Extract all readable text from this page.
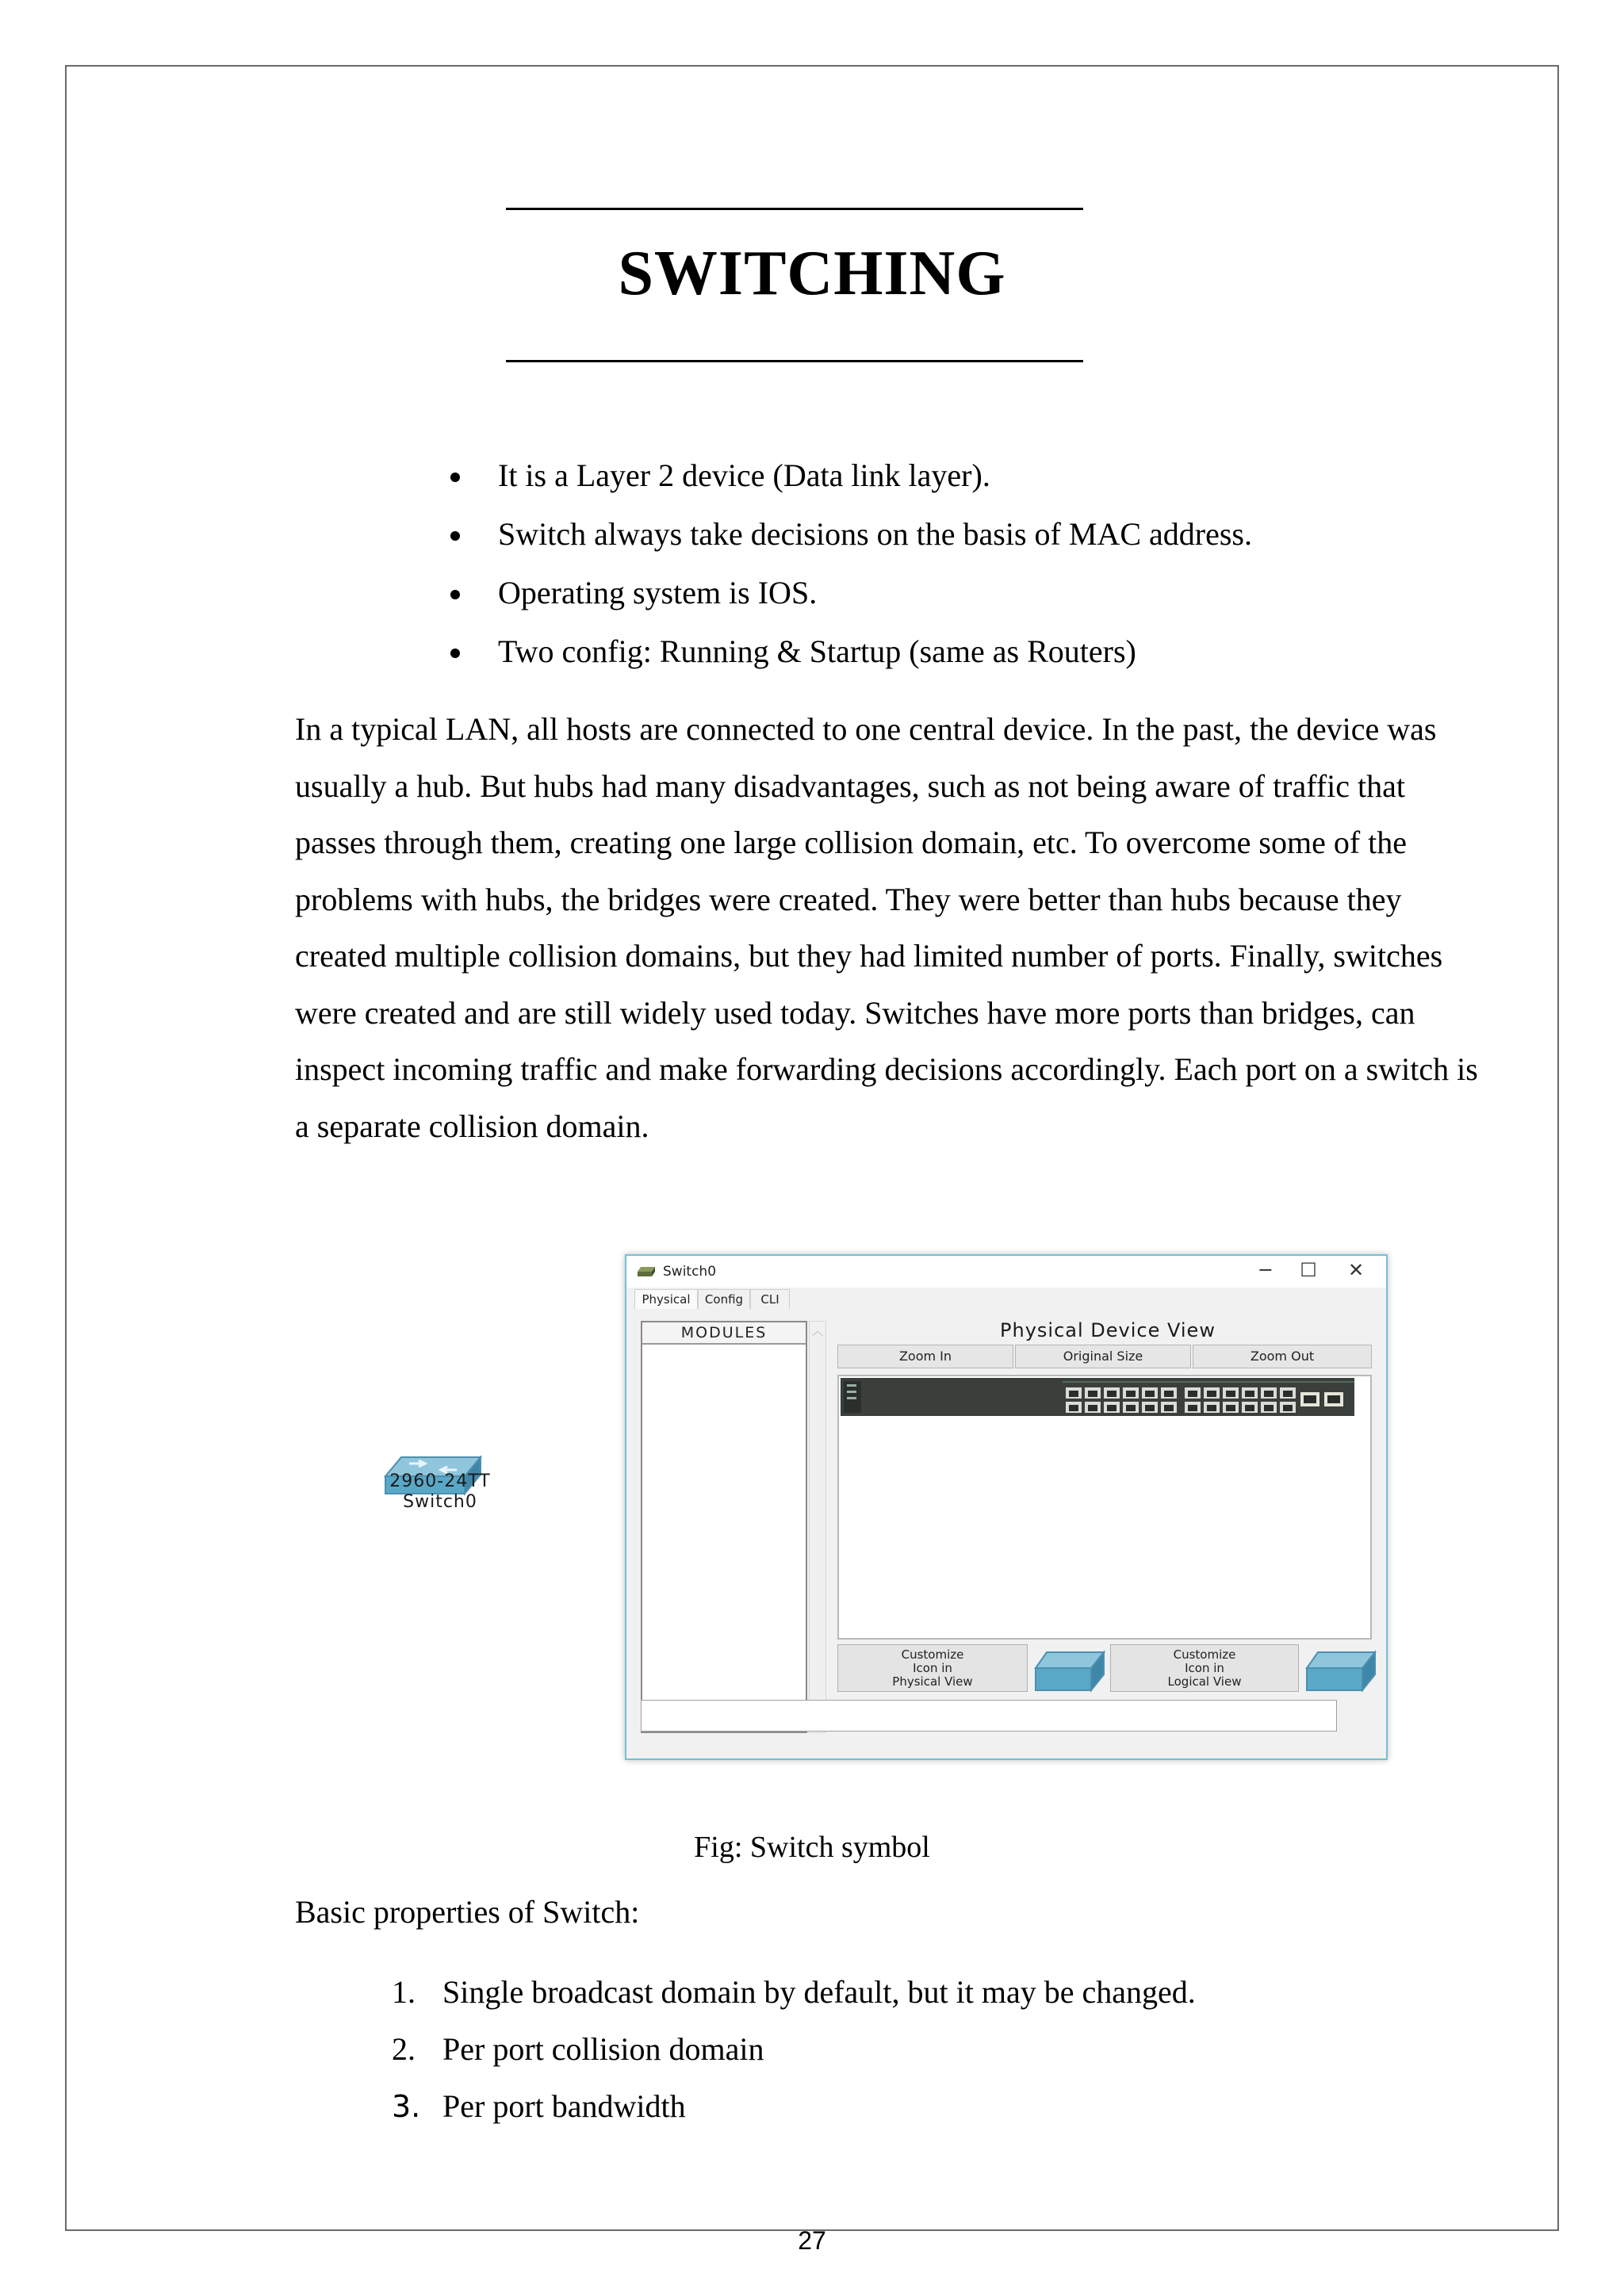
SWITCHING
It is a Layer 2 device (Data link layer).
Switch always take decisions on the basis of MAC address.
Operating system is IOS.
Two config: Running & Startup (same as Routers)

In a typical LAN, all hosts are connected to one central device. In the past, the device was
usually a hub. But hubs had many disadvantages, such as not being aware of traffic that
passes through them, creating one large collision domain, etc. To overcome some of the
problems with hubs, the bridges were created. They were better than hubs because they
created multiple collision domains, but they had limited number of ports. Finally, switches
were created and are still widely used today. Switches have more ports than bridges, can
inspect incoming traffic and make forwarding decisions accordingly. Each port on a switch is
a separate collision domain.

2960-24TT
Switch0
Switch0	─	☐	✕
Physical	Config	CLI
MODULES	︿	Physical Device View
Zoom In	Original Size	Zoom Out
Customize
Icon in
Physical View
Customize
Icon in
Logical View
Fig: Switch symbol
Basic properties of Switch:
1. Single broadcast domain by default, but it may be changed.
2. Per port collision domain
3. Per port bandwidth
27
